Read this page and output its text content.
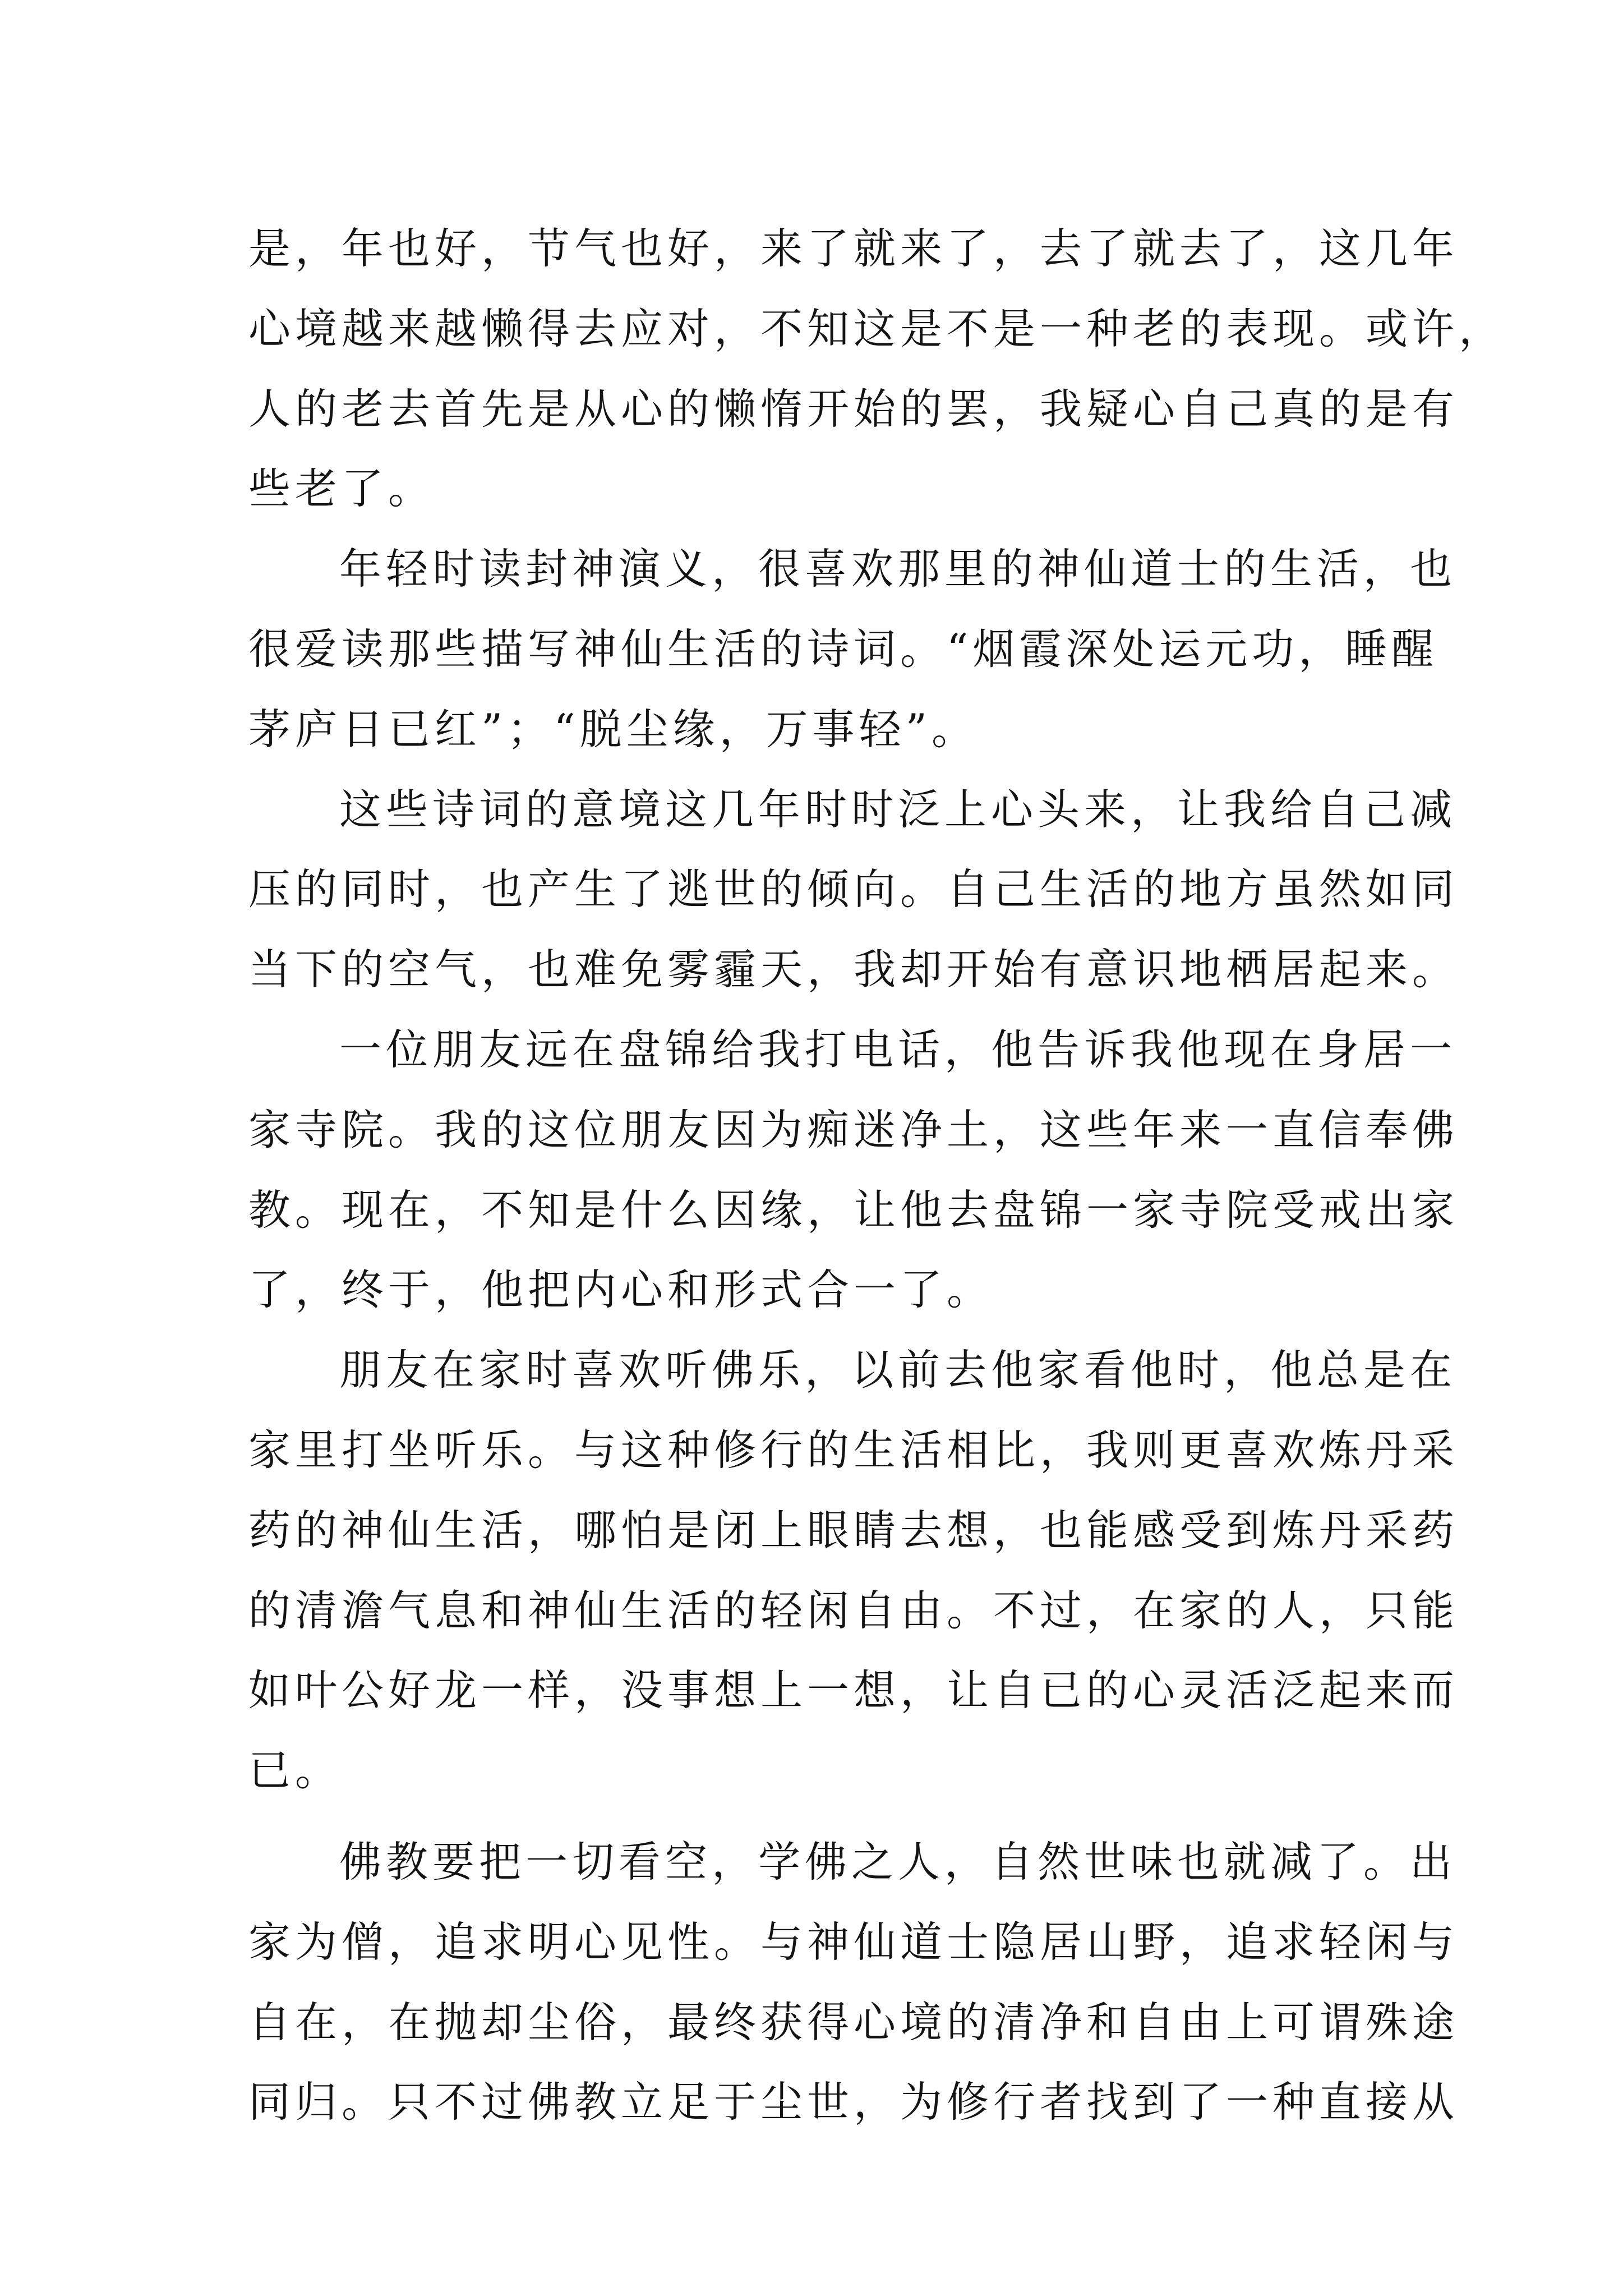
是，年也好，节气也好，来了就来了，去了就去了，这几年
心境越来越懒得去应对，不知这是不是一种老的表现。或许，
人的老去首先是从心的懒惰开始的罢，我疑心自己真的是有
些老了。
年轻时读封神演义，很喜欢那里的神仙道士的生活，也
很爱读那些描写神仙生活的诗词。“烟霞深处运元功，睡醒
茅庐日已红”；“脱尘缘，万事轻”。
这些诗词的意境这几年时时泛上心头来，让我给自己减
压的同时，也产生了逃世的倾向。自己生活的地方虽然如同
当下的空气，也难免雾霾天，我却开始有意识地栖居起来。
一位朋友远在盘锦给我打电话，他告诉我他现在身居一
家寺院。我的这位朋友因为痴迷净土，这些年来一直信奉佛
教。现在，不知是什么因缘，让他去盘锦一家寺院受戒出家
了，终于，他把内心和形式合一了。
朋友在家时喜欢听佛乐，以前去他家看他时，他总是在
家里打坐听乐。与这种修行的生活相比，我则更喜欢炼丹采
药的神仙生活，哪怕是闭上眼睛去想，也能感受到炼丹采药
的清澹气息和神仙生活的轻闲自由。不过，在家的人，只能
如叶公好龙一样，没事想上一想，让自已的心灵活泛起来而
已。
佛教要把一切看空，学佛之人，自然世味也就减了。出
家为僧，追求明心见性。与神仙道士隐居山野，追求轻闲与
自在，在抛却尘俗，最终获得心境的清净和自由上可谓殊途
同归。只不过佛教立足于尘世，为修行者找到了一种直接从
